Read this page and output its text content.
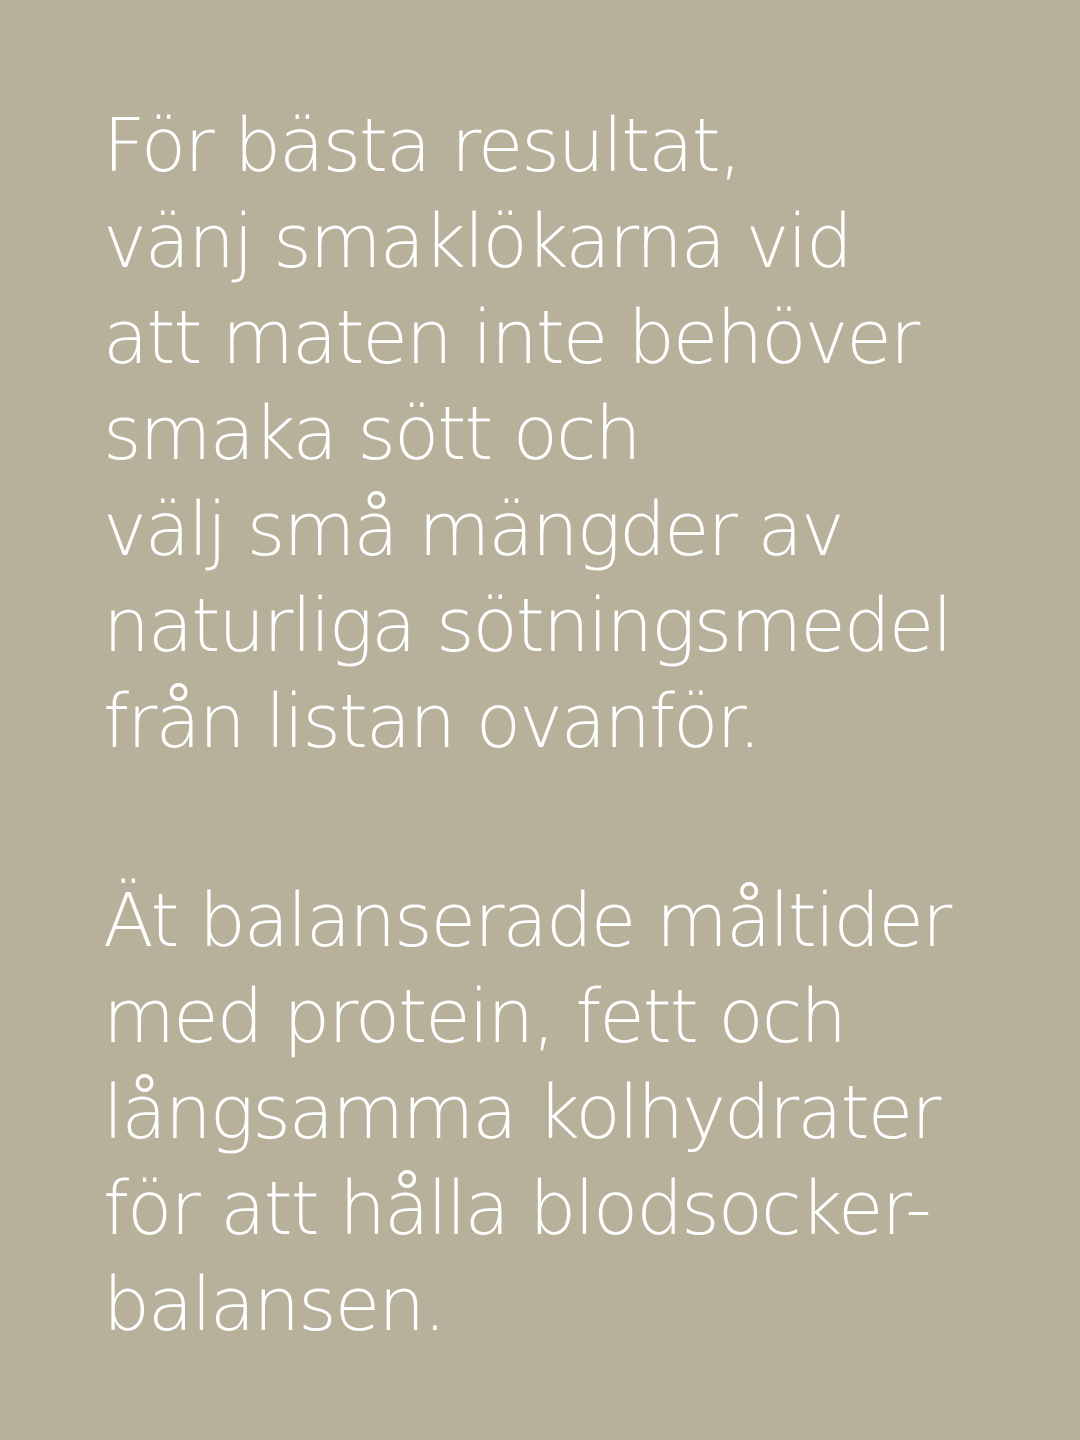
För bästa resultat,
vänj smaklökarna vid
att maten inte behöver
smaka sött och
välj små mängder av
naturliga sötningsmedel
från listan ovanför.

Ät balanserade måltider
med protein, fett och
långsamma kolhydrater
för att hålla blodsocker-
balansen.
